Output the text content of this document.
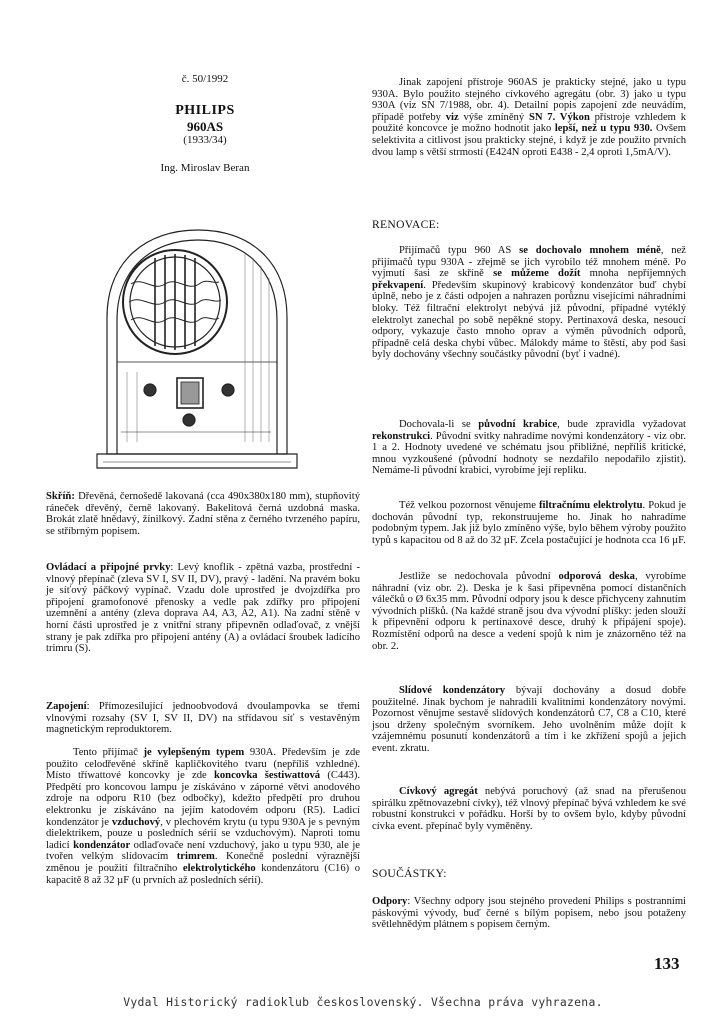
č. 50/1992
PHILIPS
960AS
(1933/34)
Ing. Miroslav Beran
Skříň: Dřevěná, černošedě lakovaná (cca 490x380x180 mm), stupňovitý ráneček dřevěný, černě lakovaný. Bakelitová černá uzdobná maska. Brokát zlatě hnědavý, žínilkový. Zadní stěna z černého tvrzeného papíru, se stříbrným popisem.
Ovládací a připojné prvky: Levý knoflík - zpětná vazba, prostřední - vlnový přepínač (zleva SV I, SV II, DV), pravý - ladění. Na pravém boku je síťový páčkový vypínač. Vzadu dole uprostřed je dvojzdířka pro připojení gramofonové přenosky a vedle pak zdířky pro připojení uzemnění a antény (zleva doprava A4, A3, A2, A1). Na zadní stěně v horní části uprostřed je z vnitřní strany připevněn odlaďovač, z vnější strany je pak zdířka pro připojení antény (A) a ovládací šroubek ladícího trimru (S).
Zapojení: Přímozesilující jednoobvodová dvoulampovka se třemi vlnovými rozsahy (SV I, SV II, DV) na střídavou síť s vestavěným magnetickým reproduktorem.
Tento přijímač je vylepšeným typem 930A. Především je zde použito celodřevěné skříně kapličkovitého tvaru (nepříliš vzhledné). Místo tříwattové koncovky je zde koncovka šestiwattová (C443). Předpětí pro koncovou lampu je získáváno v záporné větvi anodového zdroje na odporu R10 (bez odbočky), kdežto předpětí pro druhou elektronku je získáváno na jejím katodovém odporu (R5). Ladicí kondenzátor je vzduchový, v plechovém krytu (u typu 930A je s pevným dielektrikem, pouze u posledních sérií se vzduchovým). Naproti tomu ladicí kondenzátor odlaďovače není vzduchový, jako u typu 930, ale je tvořen velkým slídovacím trimrem. Konečně poslední výraznější změnou je použití filtračního elektrolytického kondenzátoru (C16) o kapacitě 8 až 32 µF (u prvních až posledních sérií).
Jinak zapojení přístroje 960AS je prakticky stejné, jako u typu 930A. Bylo použito stejného cívkového agregátu (obr. 3) jako u typu 930A (viz SN 7/1988, obr. 4). Detailní popis zapojení zde neuvádím, případě potřeby viz výše zmíněný SN 7. Výkon přístroje vzhledem k použité koncovce je možno hodnotit jako lepší, než u typu 930. Ovšem selektivita a citlivost jsou prakticky stejné, i když je zde použito prvních dvou lamp s větší strmostí (E424N oproti E438 - 2,4 oproti 1,5mA/V).
RENOVACE:
Přijímačů typu 960 AS se dochovalo mnohem méně, než přijímačů typu 930A - zřejmě se jich vyrobilo též mnohem méně. Po vyjmutí šasi ze skříně se můžeme dožít mnoha nepříjemných překvapení. Především skupinový krabicový kondenzátor buď chybí úplně, nebo je z části odpojen a nahrazen porůznu visejícími náhradními bloky. Též filtrační elektrolyt nebývá již původní, případné vytéklý elektrolyt zanechal po sobě nepěkné stopy. Pertinaxová deska, nesoucí odpory, vykazuje často mnoho oprav a výměn původních odporů, případně celá deska chybí vůbec. Málokdy máme to štěstí, aby pod šasi byly dochovány všechny součástky původní (byť i vadné).
Dochovala-li se původní krabice, bude zpravidla vyžadovat rekonstrukci. Původní svitky nahradíme novými kondenzátory - viz obr. 1 a 2. Hodnoty uvedené ve schématu jsou přibližné, nepříliš kritické, mnou vyzkoušené (původní hodnoty se nezdařilo nepodařilo zjistit). Nemáme-li původní krabici, vyrobíme její repliku.
Též velkou pozornost věnujeme filtračnímu elektrolytu. Pokud je dochován původní typ, rekonstruujeme ho. Jinak ho nahradíme podobným typem. Jak již bylo zmíněno výše, bylo během výroby použito typů s kapacitou od 8 až do 32 µF. Zcela postačující je hodnota cca 16 µF.
Jestliže se nedochovala původní odporová deska, vyrobíme náhradní (viz obr. 2). Deska je k šasi připevněna pomocí distančních válečků o Ø 6x35 mm. Původní odpory jsou k desce přichyceny zahnutím vývodních plíšků. (Na každé straně jsou dva vývodní plíšky: jeden slouží k připevnění odporu k pertinaxové desce, druhý k připájení spoje). Rozmístění odporů na desce a vedení spojů k nim je znázorněno též na obr. 2.
Slídové kondenzátory bývají dochovány a dosud dobře použitelné. Jinak bychom je nahradili kvalitními kondenzátory novými. Pozornost věnujme sestavě slídových kondenzátorů C7, C8 a C10, které jsou drženy společným svorníkem. Jeho uvolněním může dojít k vzájemnému posunutí kondenzátorů a tím i ke zkřížení spojů a jejich event. zkratu.
Cívkový agregát nebývá poruchový (až snad na přerušenou spirálku zpětnovazební cívky), též vlnový přepínač bývá vzhledem ke své robustní konstrukci v pořádku. Horší by to ovšem bylo, kdyby původní cívka event. přepínač byly vyměněny.
SOUČÁSTKY:
Odpory: Všechny odpory jsou stejného provedení Philips s postranními páskovými vývody, buď černé s bílým popisem, nebo jsou potaženy světlehnědým plátnem s popisem černým.
133
Vydal Historický radioklub československý. Všechna práva vyhrazena.
